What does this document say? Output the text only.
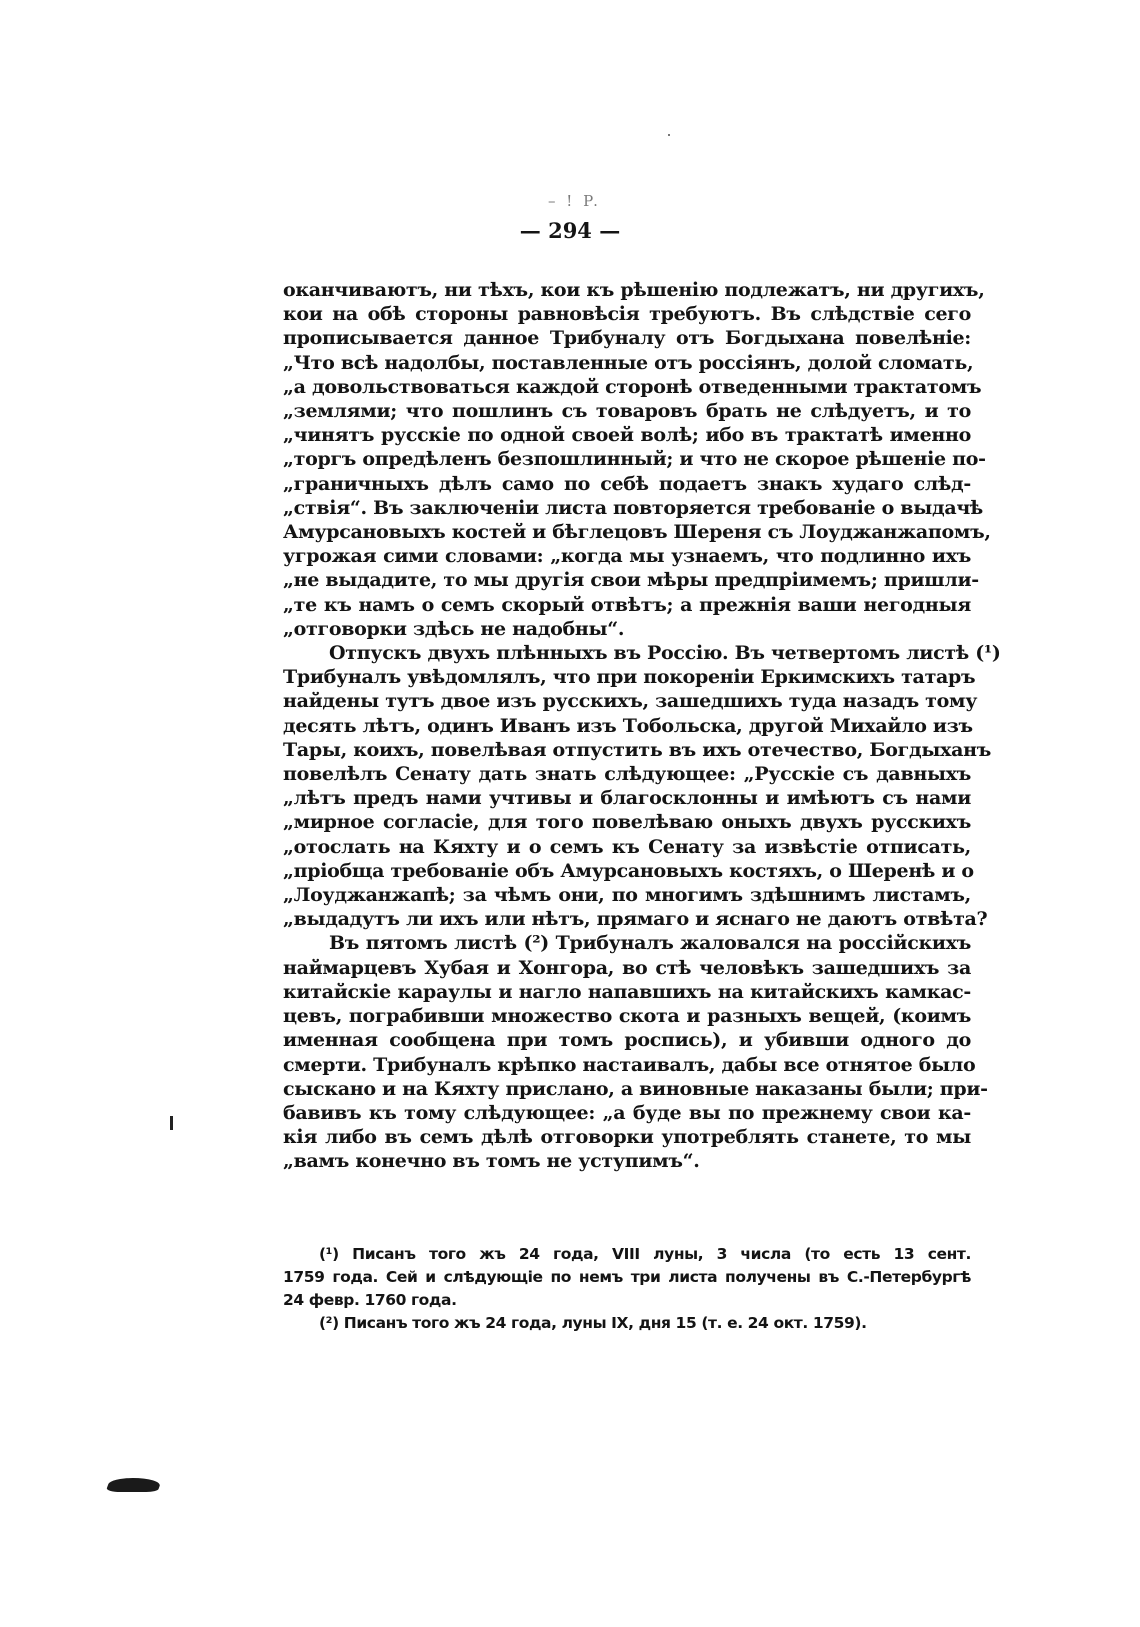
– ! P.
— 294 —
оканчиваютъ, ни тѣхъ, кои къ рѣшенію подлежатъ, ни другихъ,
кои на обѣ стороны равновѣсія требуютъ. Въ слѣдствіе сего
прописывается данное Трибуналу отъ Богдыхана повелѣніе:
„Что всѣ надолбы, поставленные отъ россіянъ, долой сломать,
„а довольствоваться каждой сторонѣ отведенными трактатомъ
„землями; что пошлинъ съ товаровъ брать не слѣдуетъ, и то
„чинятъ русскіе по одной своей волѣ; ибо въ трактатѣ именно
„торгъ опредѣленъ безпошлинный; и что не скорое рѣшеніе по-
„граничныхъ дѣлъ само по себѣ подаетъ знакъ худаго слѣд-
„ствія“. Въ заключеніи листа повторяется требованіе о выдачѣ
Амурсановыхъ костей и бѣглецовъ Шереня съ Лоуджанжапомъ,
угрожая сими словами: „когда мы узнаемъ, что подлинно ихъ
„не выдадите, то мы другія свои мѣры предпріимемъ; пришли-
„те къ намъ о семъ скорый отвѣтъ; а прежнія ваши негодныя
„отговорки здѣсь не надобны“.
Отпускъ двухъ плѣнныхъ въ Россію. Въ четвертомъ листѣ (¹)
Трибуналъ увѣдомлялъ, что при покореніи Еркимскихъ татаръ
найдены тутъ двое изъ русскихъ, зашедшихъ туда назадъ тому
десять лѣтъ, одинъ Иванъ изъ Тобольска, другой Михайло изъ
Тары, коихъ, повелѣвая отпустить въ ихъ отечество, Богдыханъ
повелѣлъ Сенату дать знать слѣдующее: „Русскіе съ давныхъ
„лѣтъ предъ нами учтивы и благосклонны и имѣютъ съ нами
„мирное согласіе, для того повелѣваю оныхъ двухъ русскихъ
„отослать на Кяхту и о семъ къ Сенату за извѣстіе отписать,
„пріобща требованіе объ Амурсановыхъ костяхъ, о Шеренѣ и о
„Лоуджанжапѣ; за чѣмъ они, по многимъ здѣшнимъ листамъ,
„выдадутъ ли ихъ или нѣтъ, прямаго и яснаго не даютъ отвѣта?
Въ пятомъ листѣ (²) Трибуналъ жаловался на россійскихъ
наймарцевъ Хубая и Хонгора, во стѣ человѣкъ зашедшихъ за
китайскіе караулы и нагло напавшихъ на китайскихъ камкас-
цевъ, пограбивши множество скота и разныхъ вещей, (коимъ
именная сообщена при томъ роспись), и убивши одного до
смерти. Трибуналъ крѣпко настаивалъ, дабы все отнятое было
сыскано и на Кяхту прислано, а виновные наказаны были; при-
бавивъ къ тому слѣдующее: „а буде вы по прежнему свои ка-
кія либо въ семъ дѣлѣ отговорки употреблять станете, то мы
„вамъ конечно въ томъ не уступимъ“.
(¹) Писанъ того жъ 24 года, VIII луны, 3 числа (то есть 13 сент.
1759 года. Сей и слѣдующіе по немъ три листа получены въ С.-Петербургѣ
24 февр. 1760 года.
(²) Писанъ того жъ 24 года, луны IX, дня 15 (т. е. 24 окт. 1759).
